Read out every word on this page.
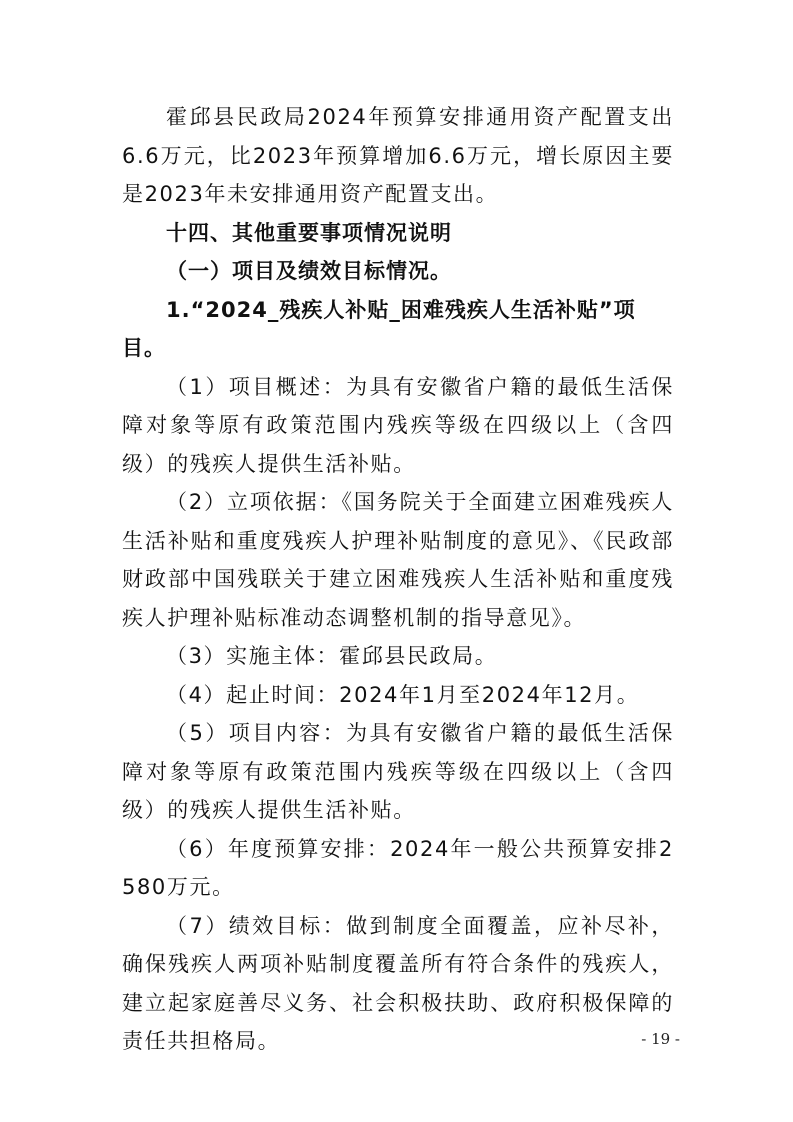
霍邱县民政局2024年预算安排通用资产配置支出6.6万元，比2023年预算增加6.6万元，增长原因主要是2023年未安排通用资产配置支出。

十四、其他重要事项情况说明

（一）项目及绩效目标情况。

1.“2024_残疾人补贴_困难残疾人生活补贴”项目。

（1）项目概述：为具有安徽省户籍的最低生活保障对象等原有政策范围内残疾等级在四级以上（含四级）的残疾人提供生活补贴。

（2）立项依据：《国务院关于全面建立困难残疾人生活补贴和重度残疾人护理补贴制度的意见》、《民政部财政部中国残联关于建立困难残疾人生活补贴和重度残疾人护理补贴标准动态调整机制的指导意见》。

（3）实施主体：霍邱县民政局。

（4）起止时间：2024年1月至2024年12月。

（5）项目内容：为具有安徽省户籍的最低生活保障对象等原有政策范围内残疾等级在四级以上（含四级）的残疾人提供生活补贴。

（6）年度预算安排：2024年一般公共预算安排2580万元。

（7）绩效目标：做到制度全面覆盖，应补尽补，确保残疾人两项补贴制度覆盖所有符合条件的残疾人，建立起家庭善尽义务、社会积极扶助、政府积极保障的责任共担格局。	- 19 -
